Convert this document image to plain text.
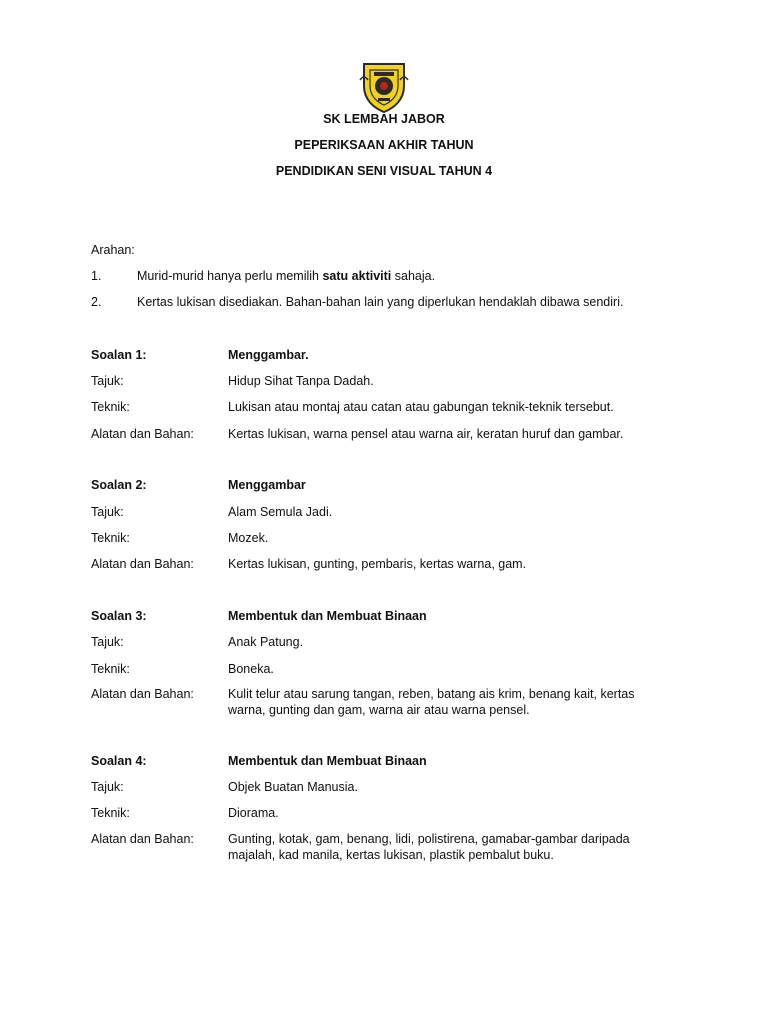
SK LEMBAH JABOR
PEPERIKSAAN AKHIR TAHUN
PENDIDIKAN SENI VISUAL TAHUN 4
Arahan:
1.	Murid-murid hanya perlu memilih satu aktiviti sahaja.
2.	Kertas lukisan disediakan. Bahan-bahan lain yang diperlukan hendaklah dibawa sendiri.
Soalan 1:	Menggambar.
Tajuk:	Hidup Sihat Tanpa Dadah.
Teknik:	Lukisan atau montaj atau catan atau gabungan teknik-teknik tersebut.
Alatan dan Bahan:	Kertas lukisan, warna pensel atau warna air, keratan huruf dan gambar.
Soalan 2:	Menggambar
Tajuk:	Alam Semula Jadi.
Teknik:	Mozek.
Alatan dan Bahan:	Kertas lukisan, gunting, pembaris, kertas warna, gam.
Soalan 3:	Membentuk dan Membuat Binaan
Tajuk:	Anak Patung.
Teknik:	Boneka.
Alatan dan Bahan:	Kulit telur atau sarung tangan, reben, batang ais krim, benang kait, kertas
warna, gunting dan gam, warna air atau warna pensel.
Soalan 4:	Membentuk dan Membuat Binaan
Tajuk:	Objek Buatan Manusia.
Teknik:	Diorama.
Alatan dan Bahan:	Gunting, kotak, gam, benang, lidi, polistirena, gamabar-gambar daripada
majalah, kad manila, kertas lukisan, plastik pembalut buku.
